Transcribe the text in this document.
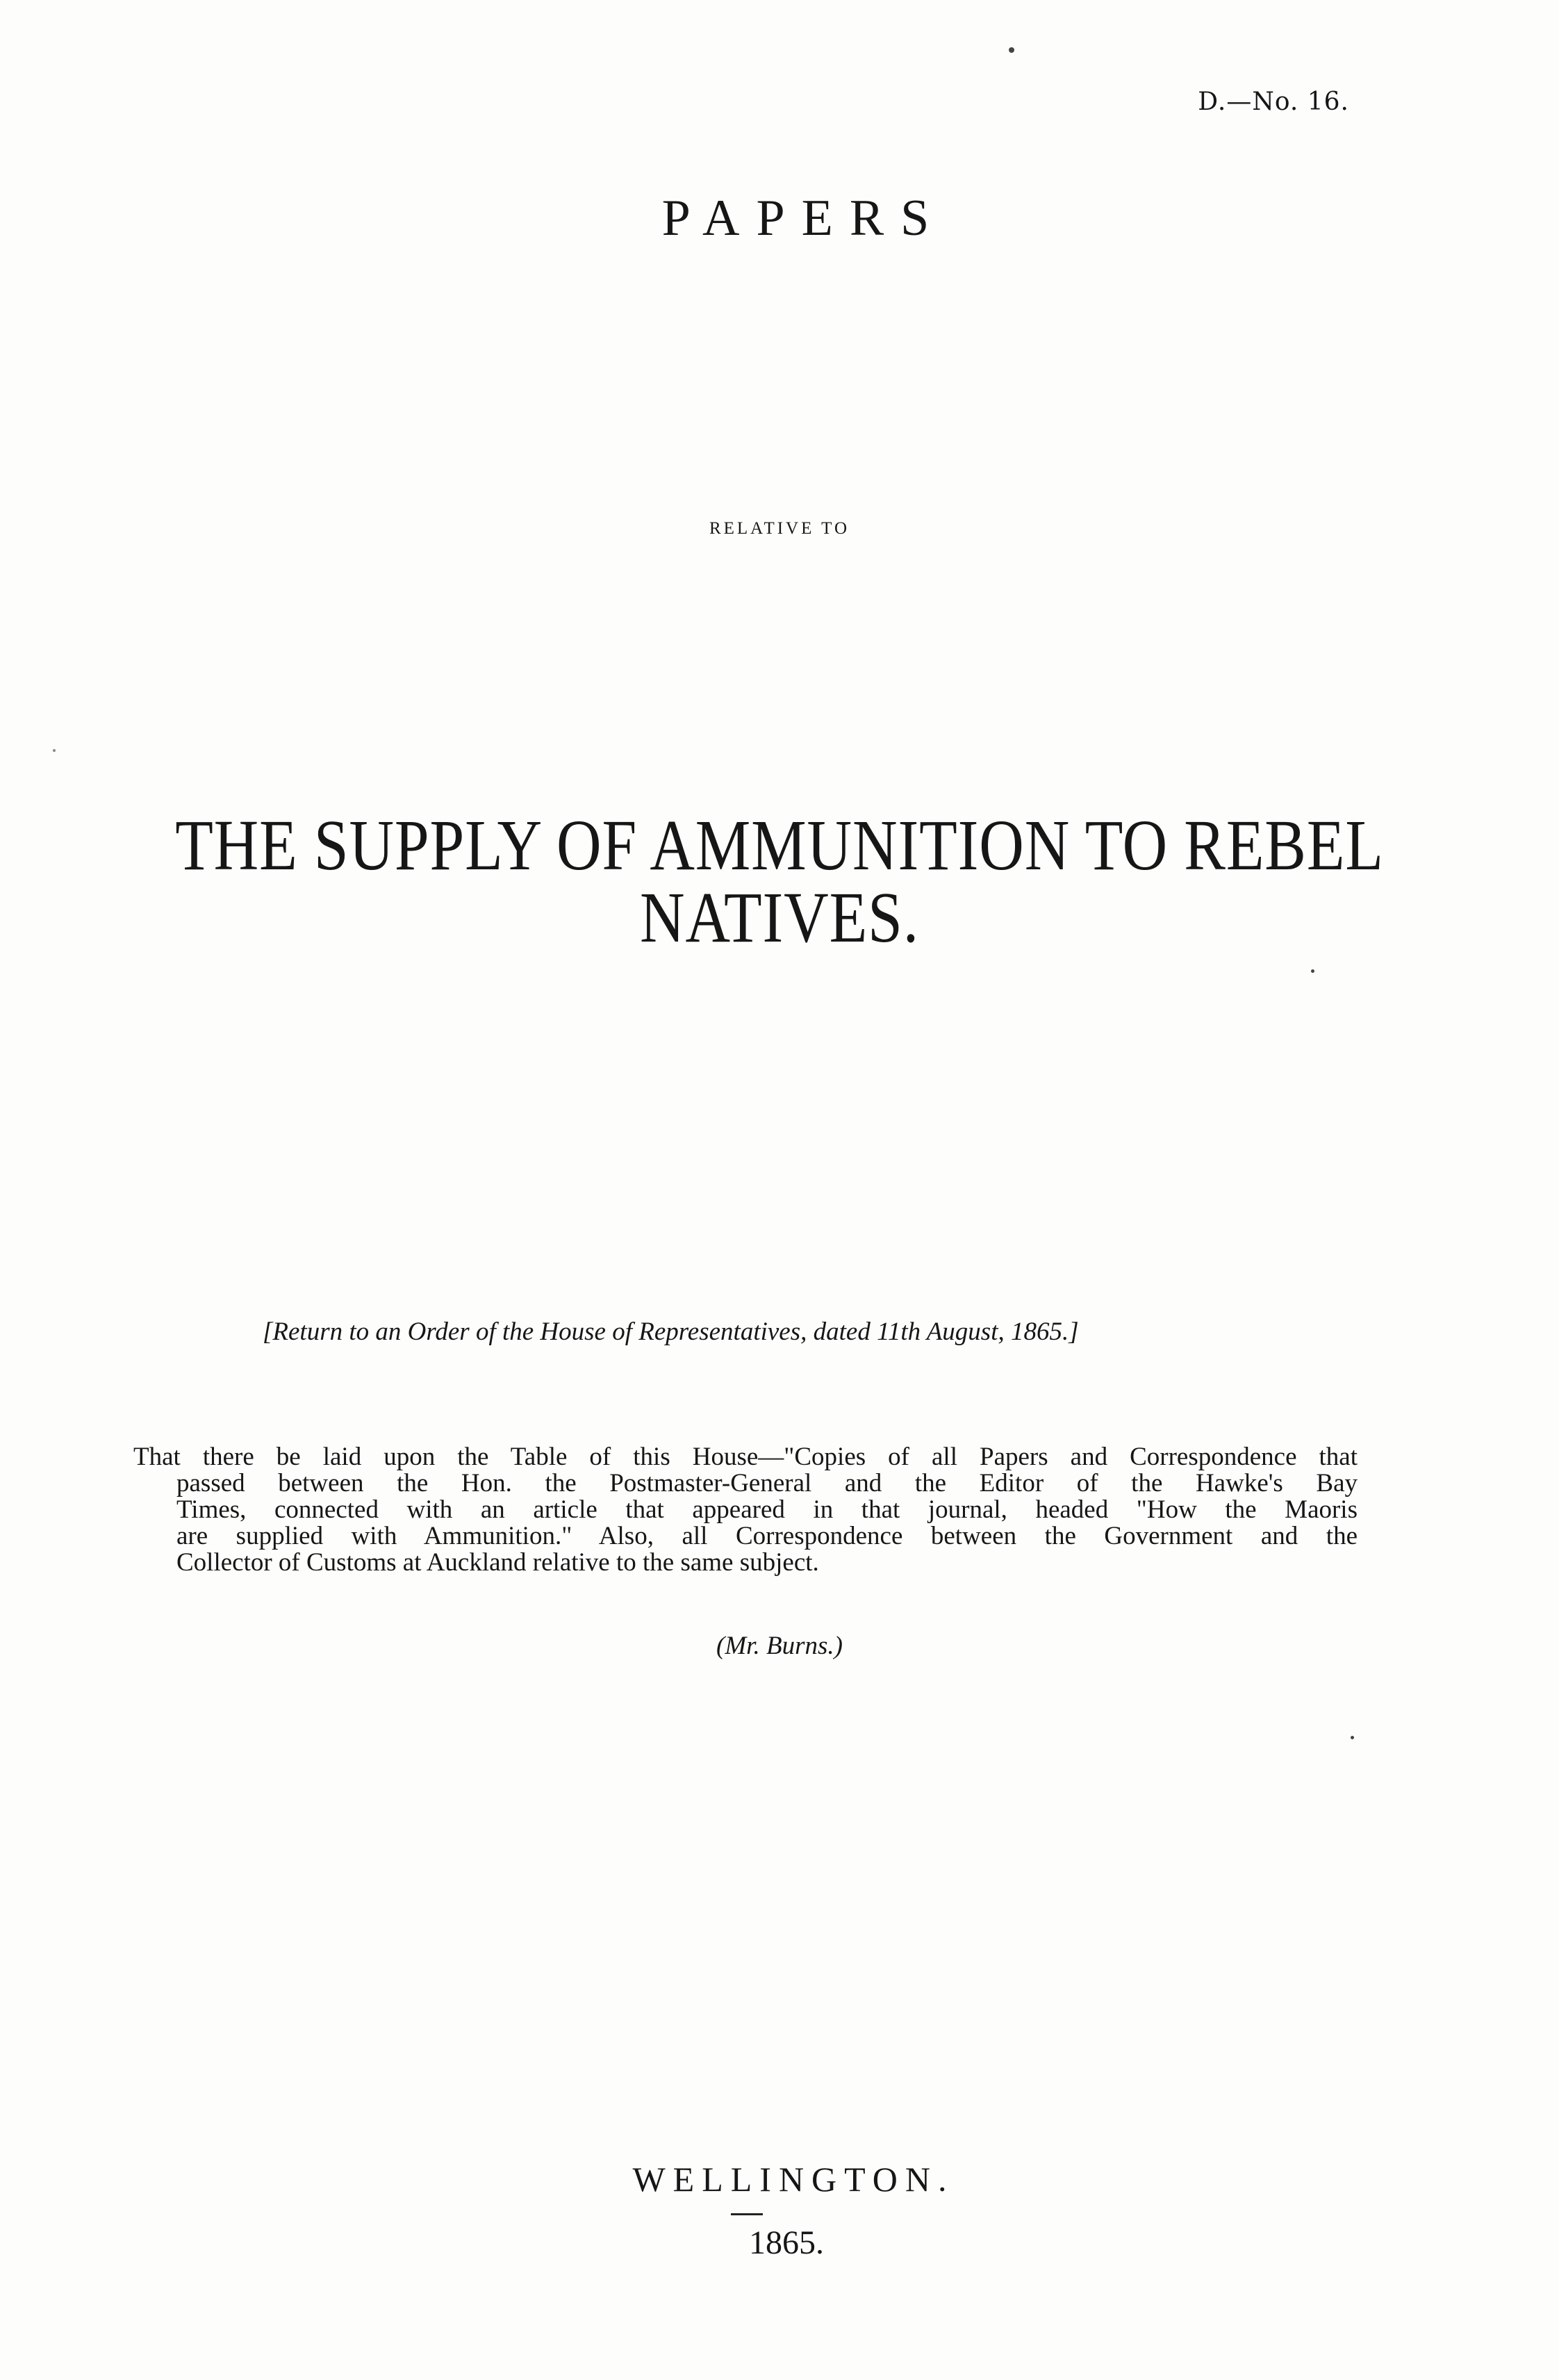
D.—No. 16.
PAPERS
RELATIVE TO
THE SUPPLY OF AMMUNITION TO REBEL NATIVES.
[Return to an Order of the House of Representatives, dated 11th August, 1865.]
That there be laid upon the Table of this House—"Copies of all Papers and Correspondence that
passed between the Hon. the Postmaster-General and the Editor of the Hawke's Bay
Times, connected with an article that appeared in that journal, headed "How the Maoris
are supplied with Ammunition." Also, all Correspondence between the Government and the
Collector of Customs at Auckland relative to the same subject.
(Mr. Burns.)
WELLINGTON.
1865.
